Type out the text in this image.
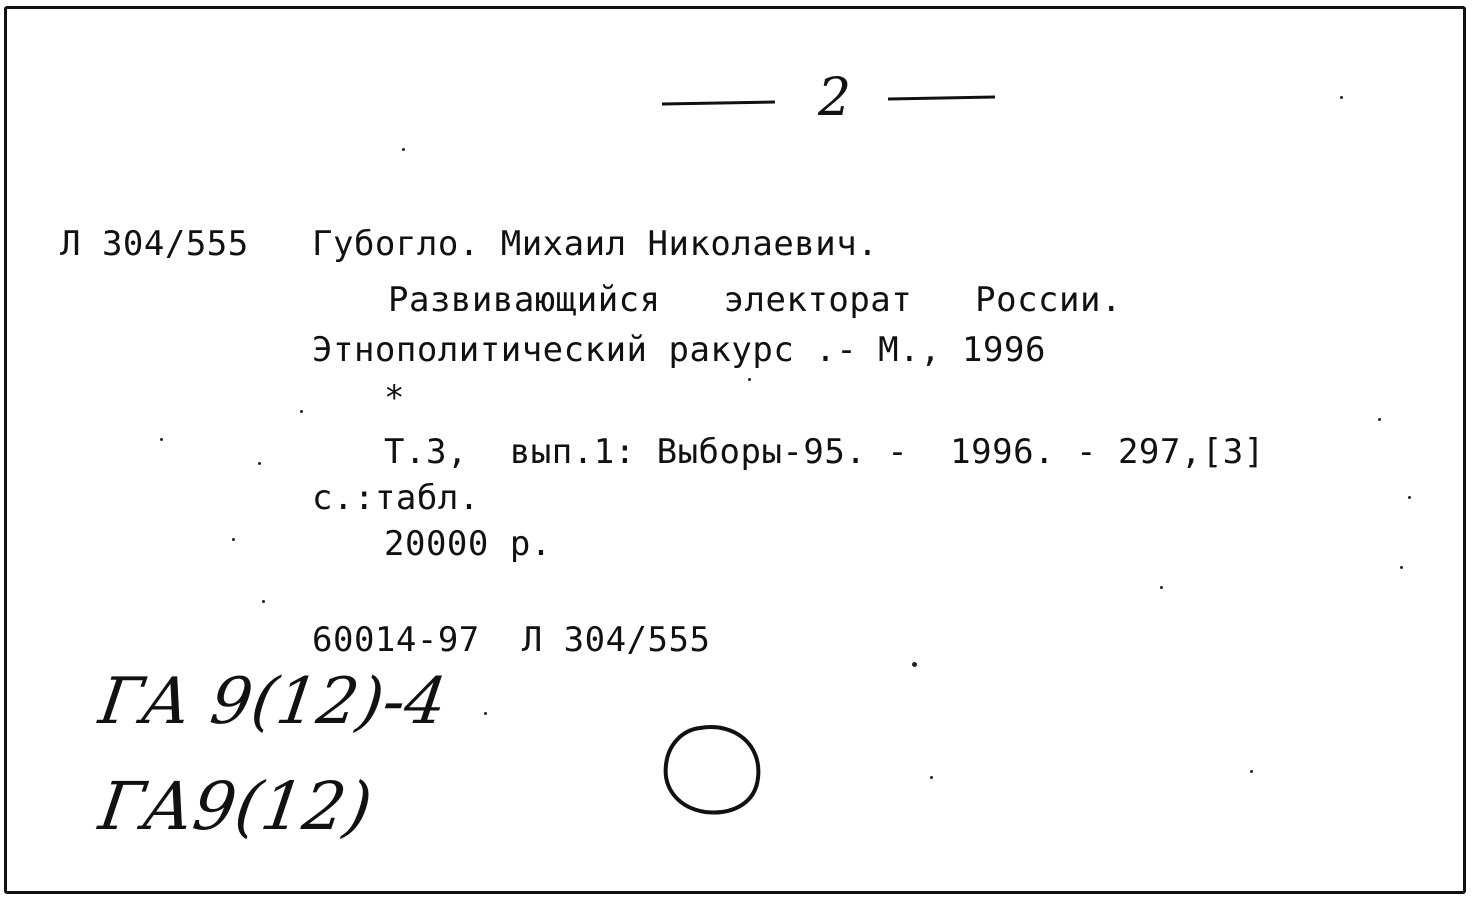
2
Л 304/555 Губогло. Михаил Николаевич.
Развивающийся   электорат   России.
Этнополитический ракурс .- М., 1996
*
Т.3,  вып.1: Выборы-95. -  1996. - 297,[3]
с.:табл.
20000 р.
60014-97  Л 304/555
ГА 9(12)-4
ГА9(12)
